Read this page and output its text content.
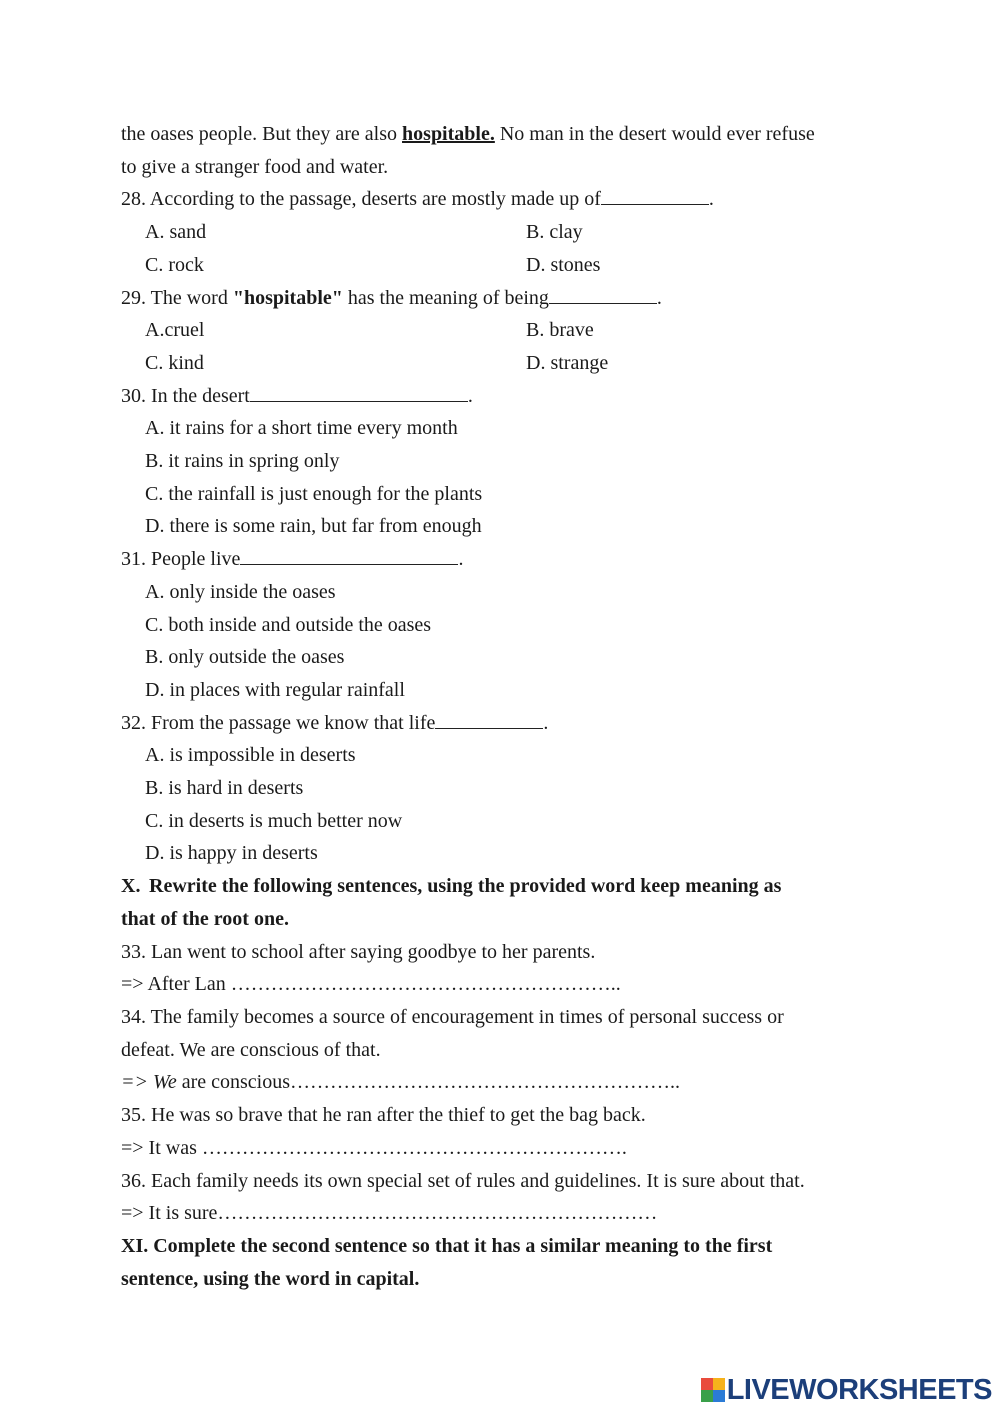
the oases people. But they are also hospitable. No man in the desert would ever refuse
to give a stranger food and water.
28. According to the passage, deserts are mostly made up of	.
A. sand	B. clay
C. rock	D. stones
29. The word "hospitable" has the meaning of being	.
A.cruel	B. brave
C. kind	D. strange
30. In the desert	.
A. it rains for a short time every month
B. it rains in spring only
C. the rainfall is just enough for the plants
D. there is some rain, but far from enough
31. People live	.
A. only inside the oases
C. both inside and outside the oases
B. only outside the oases
D. in places with regular rainfall
32. From the passage we know that life	.
A. is impossible in deserts
B. is hard in deserts
C. in deserts is much better now
D. is happy in deserts
X. Rewrite the following sentences, using the provided word keep meaning as
that of the root one.
33. Lan went to school after saying goodbye to her parents.
=> After Lan …………………………………………………..
34. The family becomes a source of encouragement in times of personal success or
defeat. We are conscious of that.
=> We are conscious…………………………………………………..
35. He was so brave that he ran after the thief to get the bag back.
=> It was ……………………………………………………….
36. Each family needs its own special set of rules and guidelines. It is sure about that.
=> It is sure…………………………………………………………
XI. Complete the second sentence so that it has a similar meaning to the first
sentence, using the word in capital.
LIVEWORKSHEETS
